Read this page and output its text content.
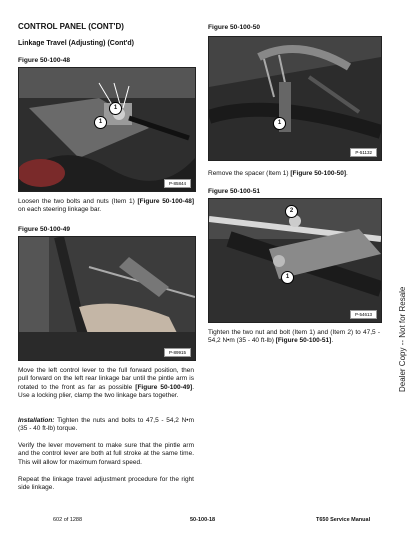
CONTROL PANEL (CONT'D)
Linkage Travel (Adjusting) (Cont'd)
Figure 50-100-48
1
1
P-85844
Loosen the two bolts and nuts (Item 1) [Figure 50-100-48] on each steering linkage bar.
Figure 50-100-49
P-89915
Move the left control lever to the full forward position, then pull forward on the left rear linkage bar until the pintle arm is rotated to the front as far as possible [Figure 50-100-49]. Use a locking plier, clamp the two linkage bars together.
Installation: Tighten the nuts and bolts to 47,5 - 54,2 N•m (35 - 40 ft-lb) torque.
Verify the lever movement to make sure that the pintle arm and the control lever are both at full stroke at the same time. This will allow for maximum forward speed.
Repeat the linkage travel adjustment procedure for the right side linkage.
Figure 50-100-50
1
P-51132
Remove the spacer (Item 1) [Figure 50-100-50].
Figure 50-100-51
2
1
P-54613
Tighten the two nut and bolt (Item 1) and (Item 2) to 47,5 - 54,2 N•m (35 - 40 ft-lb) [Figure 50-100-51].	Dealer Copy -- Not for Resale
602 of 1288	50-100-18	T650 Service Manual
